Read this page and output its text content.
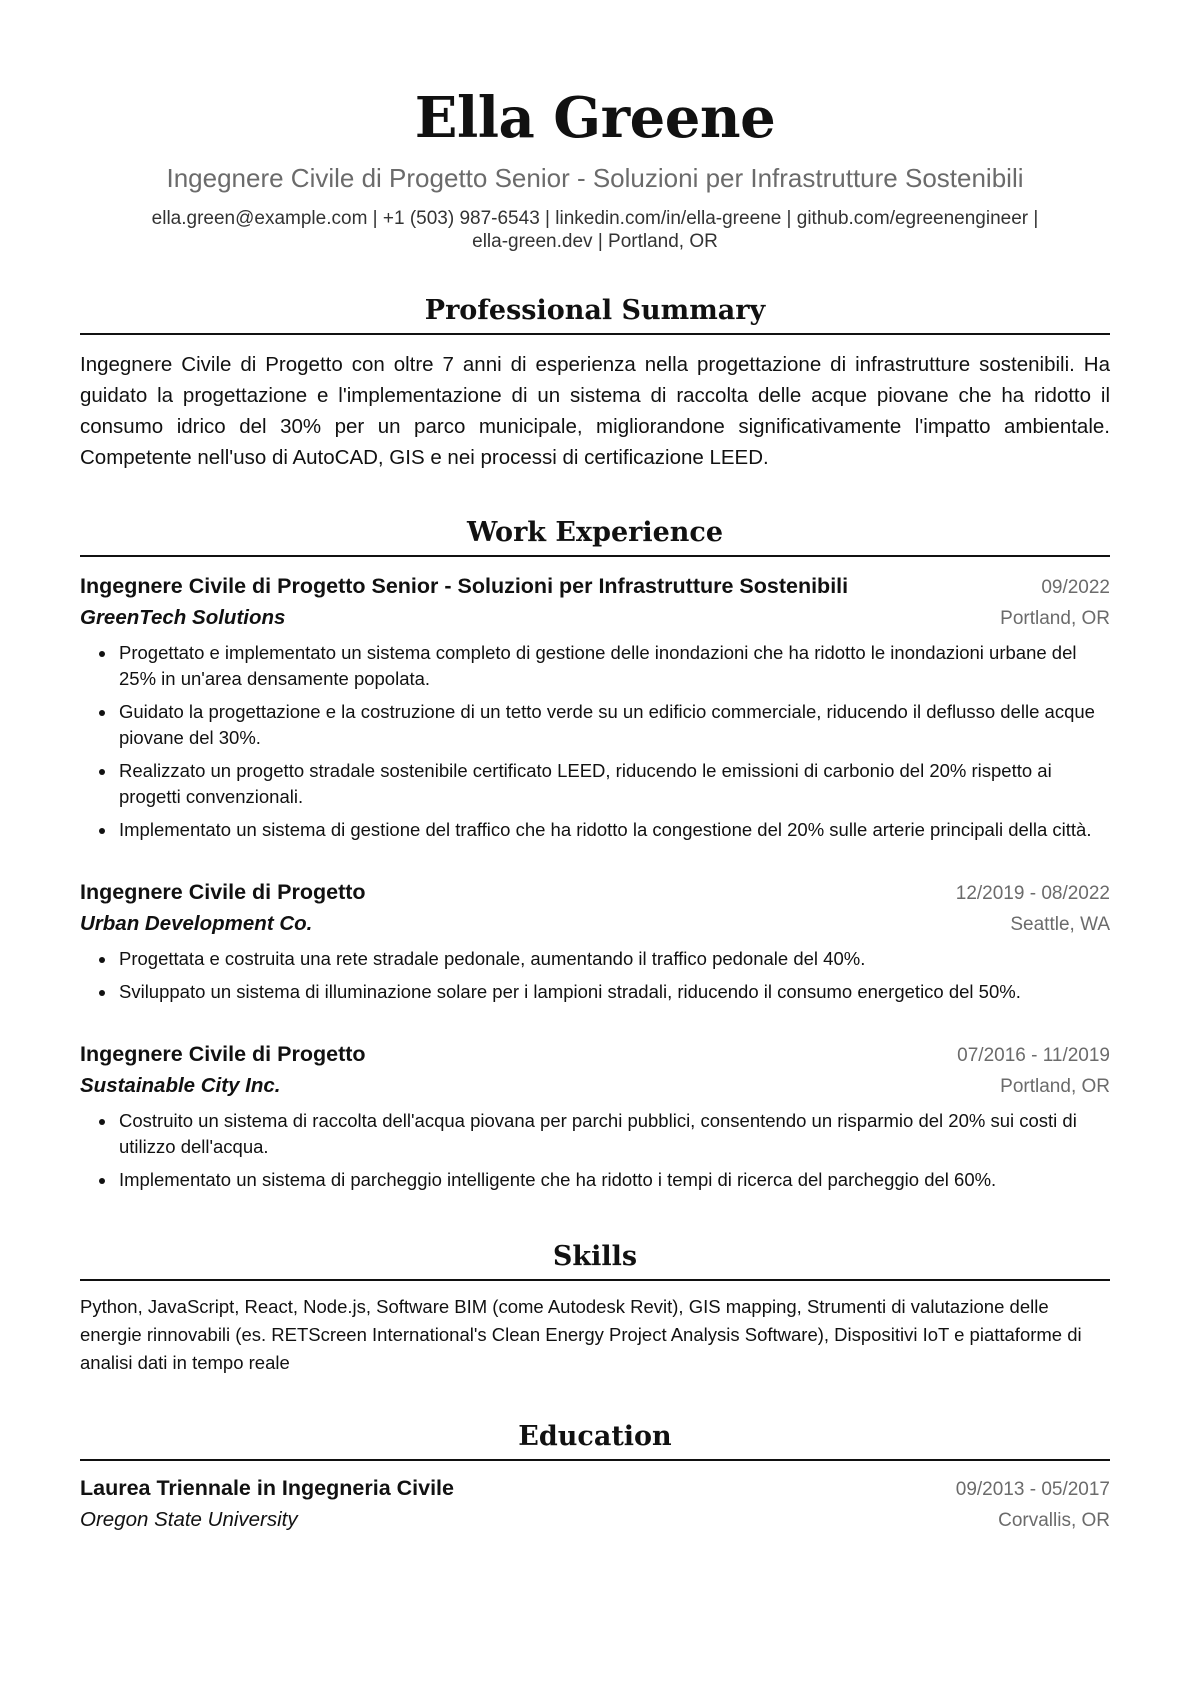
Ella Greene
Ingegnere Civile di Progetto Senior - Soluzioni per Infrastrutture Sostenibili
ella.green@example.com | +1 (503) 987-6543 | linkedin.com/in/ella-greene | github.com/egreenengineer |
ella-green.dev | Portland, OR
Professional Summary

Ingegnere Civile di Progetto con oltre 7 anni di esperienza nella progettazione di infrastrutture sostenibili. Ha guidato la progettazione e l'implementazione di un sistema di raccolta delle acque piovane che ha ridotto il consumo idrico del 30% per un parco municipale, migliorandone significativamente l'impatto ambientale. Competente nell'uso di AutoCAD, GIS e nei processi di certificazione LEED.

Work Experience
Ingegnere Civile di Progetto Senior - Soluzioni per Infrastrutture Sostenibili	09/2022
GreenTech Solutions	Portland, OR
• Progettato e implementato un sistema completo di gestione delle inondazioni che ha ridotto le inondazioni urbane del 25% in un'area densamente popolata.
• Guidato la progettazione e la costruzione di un tetto verde su un edificio commerciale, riducendo il deflusso delle acque piovane del 30%.
• Realizzato un progetto stradale sostenibile certificato LEED, riducendo le emissioni di carbonio del 20% rispetto ai progetti convenzionali.
• Implementato un sistema di gestione del traffico che ha ridotto la congestione del 20% sulle arterie principali della città.
Ingegnere Civile di Progetto	12/2019 - 08/2022
Urban Development Co.	Seattle, WA
• Progettata e costruita una rete stradale pedonale, aumentando il traffico pedonale del 40%.
• Sviluppato un sistema di illuminazione solare per i lampioni stradali, riducendo il consumo energetico del 50%.
Ingegnere Civile di Progetto	07/2016 - 11/2019
Sustainable City Inc.	Portland, OR
• Costruito un sistema di raccolta dell'acqua piovana per parchi pubblici, consentendo un risparmio del 20% sui costi di utilizzo dell'acqua.
• Implementato un sistema di parcheggio intelligente che ha ridotto i tempi di ricerca del parcheggio del 60%.
Skills

Python, JavaScript, React, Node.js, Software BIM (come Autodesk Revit), GIS mapping, Strumenti di valutazione delle energie rinnovabili (es. RETScreen International's Clean Energy Project Analysis Software), Dispositivi IoT e piattaforme di analisi dati in tempo reale

Education
Laurea Triennale in Ingegneria Civile	09/2013 - 05/2017
Oregon State University	Corvallis, OR
